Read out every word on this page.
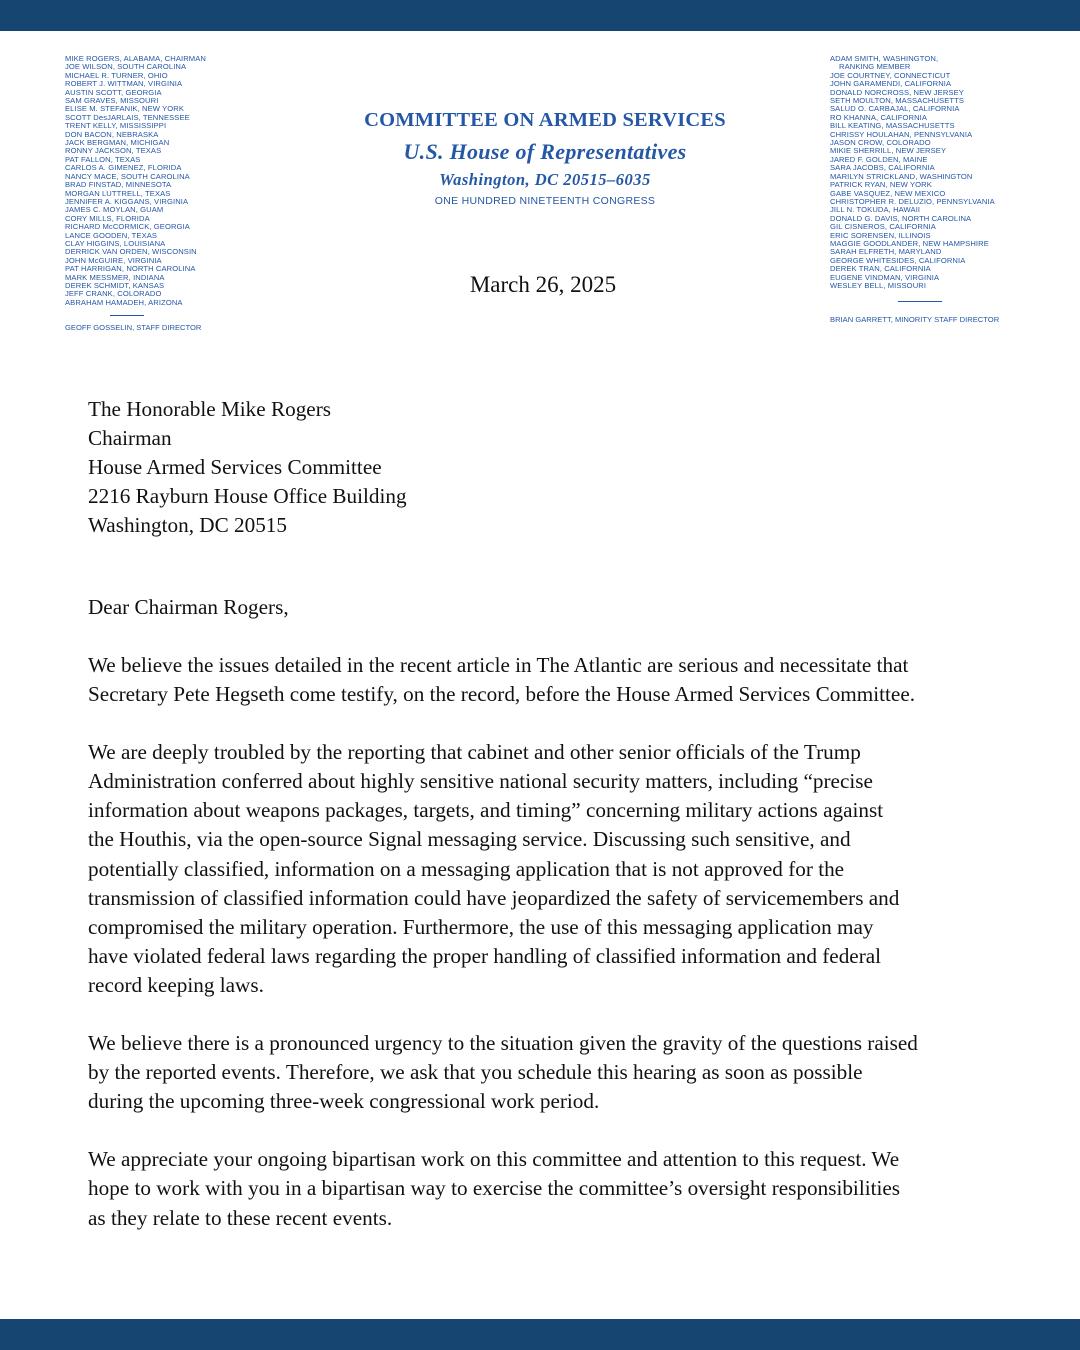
MIKE ROGERS, ALABAMA, CHAIRMAN
JOE WILSON, SOUTH CAROLINA
MICHAEL R. TURNER, OHIO
ROBERT J. WITTMAN, VIRGINIA
AUSTIN SCOTT, GEORGIA
SAM GRAVES, MISSOURI
ELISE M. STEFANIK, NEW YORK
SCOTT DesJARLAIS, TENNESSEE
TRENT KELLY, MISSISSIPPI
DON BACON, NEBRASKA
JACK BERGMAN, MICHIGAN
RONNY JACKSON, TEXAS
PAT FALLON, TEXAS
CARLOS A. GIMENEZ, FLORIDA
NANCY MACE, SOUTH CAROLINA
BRAD FINSTAD, MINNESOTA
MORGAN LUTTRELL, TEXAS
JENNIFER A. KIGGANS, VIRGINIA
JAMES C. MOYLAN, GUAM
CORY MILLS, FLORIDA
RICHARD McCORMICK, GEORGIA
LANCE GOODEN, TEXAS
CLAY HIGGINS, LOUISIANA
DERRICK VAN ORDEN, WISCONSIN
JOHN McGUIRE, VIRGINIA
PAT HARRIGAN, NORTH CAROLINA
MARK MESSMER, INDIANA
DEREK SCHMIDT, KANSAS
JEFF CRANK, COLORADO
ABRAHAM HAMADEH, ARIZONA
GEOFF GOSSELIN, STAFF DIRECTOR
COMMITTEE ON ARMED SERVICES
U.S. House of Representatives
Washington, DC 20515–6035
ONE HUNDRED NINETEENTH CONGRESS
ADAM SMITH, WASHINGTON,
RANKING MEMBER
JOE COURTNEY, CONNECTICUT
JOHN GARAMENDI, CALIFORNIA
DONALD NORCROSS, NEW JERSEY
SETH MOULTON, MASSACHUSETTS
SALUD O. CARBAJAL, CALIFORNIA
RO KHANNA, CALIFORNIA
BILL KEATING, MASSACHUSETTS
CHRISSY HOULAHAN, PENNSYLVANIA
JASON CROW, COLORADO
MIKIE SHERRILL, NEW JERSEY
JARED F. GOLDEN, MAINE
SARA JACOBS, CALIFORNIA
MARILYN STRICKLAND, WASHINGTON
PATRICK RYAN, NEW YORK
GABE VASQUEZ, NEW MEXICO
CHRISTOPHER R. DELUZIO, PENNSYLVANIA
JILL N. TOKUDA, HAWAII
DONALD G. DAVIS, NORTH CAROLINA
GIL CISNEROS, CALIFORNIA
ERIC SORENSEN, ILLINOIS
MAGGIE GOODLANDER, NEW HAMPSHIRE
SARAH ELFRETH, MARYLAND
GEORGE WHITESIDES, CALIFORNIA
DEREK TRAN, CALIFORNIA
EUGENE VINDMAN, VIRGINIA
WESLEY BELL, MISSOURI
BRIAN GARRETT, MINORITY STAFF DIRECTOR
March 26, 2025
The Honorable Mike Rogers
Chairman
House Armed Services Committee
2216 Rayburn House Office Building
Washington, DC 20515
Dear Chairman Rogers,

We believe the issues detailed in the recent article in The Atlantic are serious and necessitate that
Secretary Pete Hegseth come testify, on the record, before the House Armed Services Committee.

We are deeply troubled by the reporting that cabinet and other senior officials of the Trump
Administration conferred about highly sensitive national security matters, including “precise
information about weapons packages, targets, and timing” concerning military actions against
the Houthis, via the open-source Signal messaging service. Discussing such sensitive, and
potentially classified, information on a messaging application that is not approved for the
transmission of classified information could have jeopardized the safety of servicemembers and
compromised the military operation. Furthermore, the use of this messaging application may
have violated federal laws regarding the proper handling of classified information and federal
record keeping laws.

We believe there is a pronounced urgency to the situation given the gravity of the questions raised
by the reported events. Therefore, we ask that you schedule this hearing as soon as possible
during the upcoming three-week congressional work period.

We appreciate your ongoing bipartisan work on this committee and attention to this request. We
hope to work with you in a bipartisan way to exercise the committee’s oversight responsibilities
as they relate to these recent events.
